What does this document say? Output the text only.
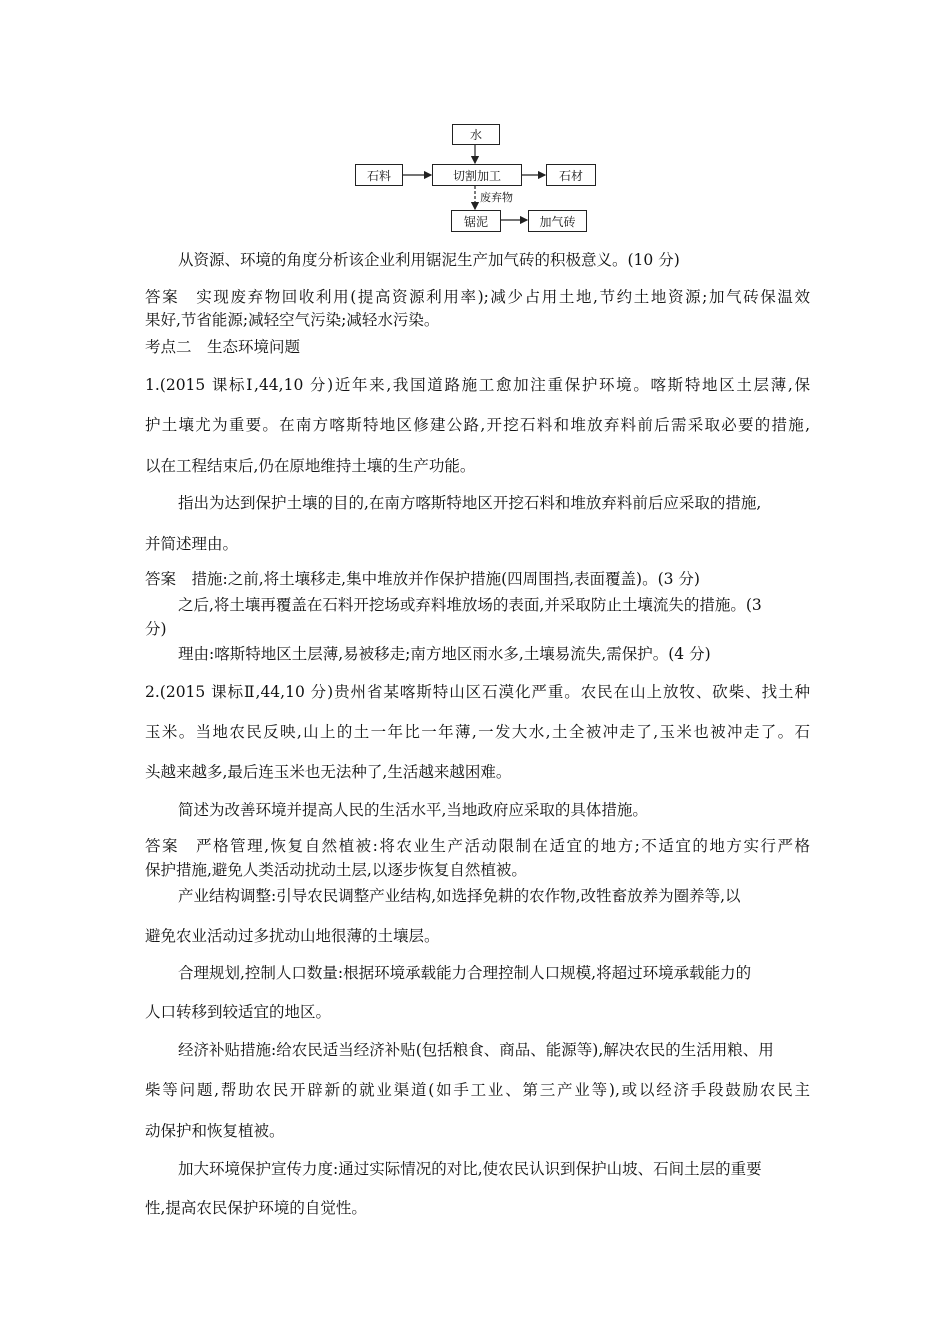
水
石料	切割加工	石材
废弃物
锯泥	加气砖
从资源、环境的角度分析该企业利用锯泥生产加气砖的积极意义。(10 分)
答案　实现废弃物回收利用(提高资源利用率);减少占用土地,节约土地资源;加气砖保温效
果好,节省能源;减轻空气污染;减轻水污染。
考点二　生态环境问题
1.(2015 课标Ⅰ,44,10 分)近年来,我国道路施工愈加注重保护环境。喀斯特地区土层薄,保
护土壤尤为重要。在南方喀斯特地区修建公路,开挖石料和堆放弃料前后需采取必要的措施,
以在工程结束后,仍在原地维持土壤的生产功能。
指出为达到保护土壤的目的,在南方喀斯特地区开挖石料和堆放弃料前后应采取的措施,
并简述理由。
答案　措施:之前,将土壤移走,集中堆放并作保护措施(四周围挡,表面覆盖)。(3 分)
之后,将土壤再覆盖在石料开挖场或弃料堆放场的表面,并采取防止土壤流失的措施。(3
分)
理由:喀斯特地区土层薄,易被移走;南方地区雨水多,土壤易流失,需保护。(4 分)
2.(2015 课标Ⅱ,44,10 分)贵州省某喀斯特山区石漠化严重。农民在山上放牧、砍柴、找土种
玉米。当地农民反映,山上的土一年比一年薄,一发大水,土全被冲走了,玉米也被冲走了。石
头越来越多,最后连玉米也无法种了,生活越来越困难。
简述为改善环境并提高人民的生活水平,当地政府应采取的具体措施。
答案　严格管理,恢复自然植被:将农业生产活动限制在适宜的地方;不适宜的地方实行严格
保护措施,避免人类活动扰动土层,以逐步恢复自然植被。
产业结构调整:引导农民调整产业结构,如选择免耕的农作物,改牲畜放养为圈养等,以
避免农业活动过多扰动山地很薄的土壤层。
合理规划,控制人口数量:根据环境承载能力合理控制人口规模,将超过环境承载能力的
人口转移到较适宜的地区。
经济补贴措施:给农民适当经济补贴(包括粮食、商品、能源等),解决农民的生活用粮、用
柴等问题,帮助农民开辟新的就业渠道(如手工业、第三产业等),或以经济手段鼓励农民主
动保护和恢复植被。
加大环境保护宣传力度:通过实际情况的对比,使农民认识到保护山坡、石间土层的重要
性,提高农民保护环境的自觉性。
